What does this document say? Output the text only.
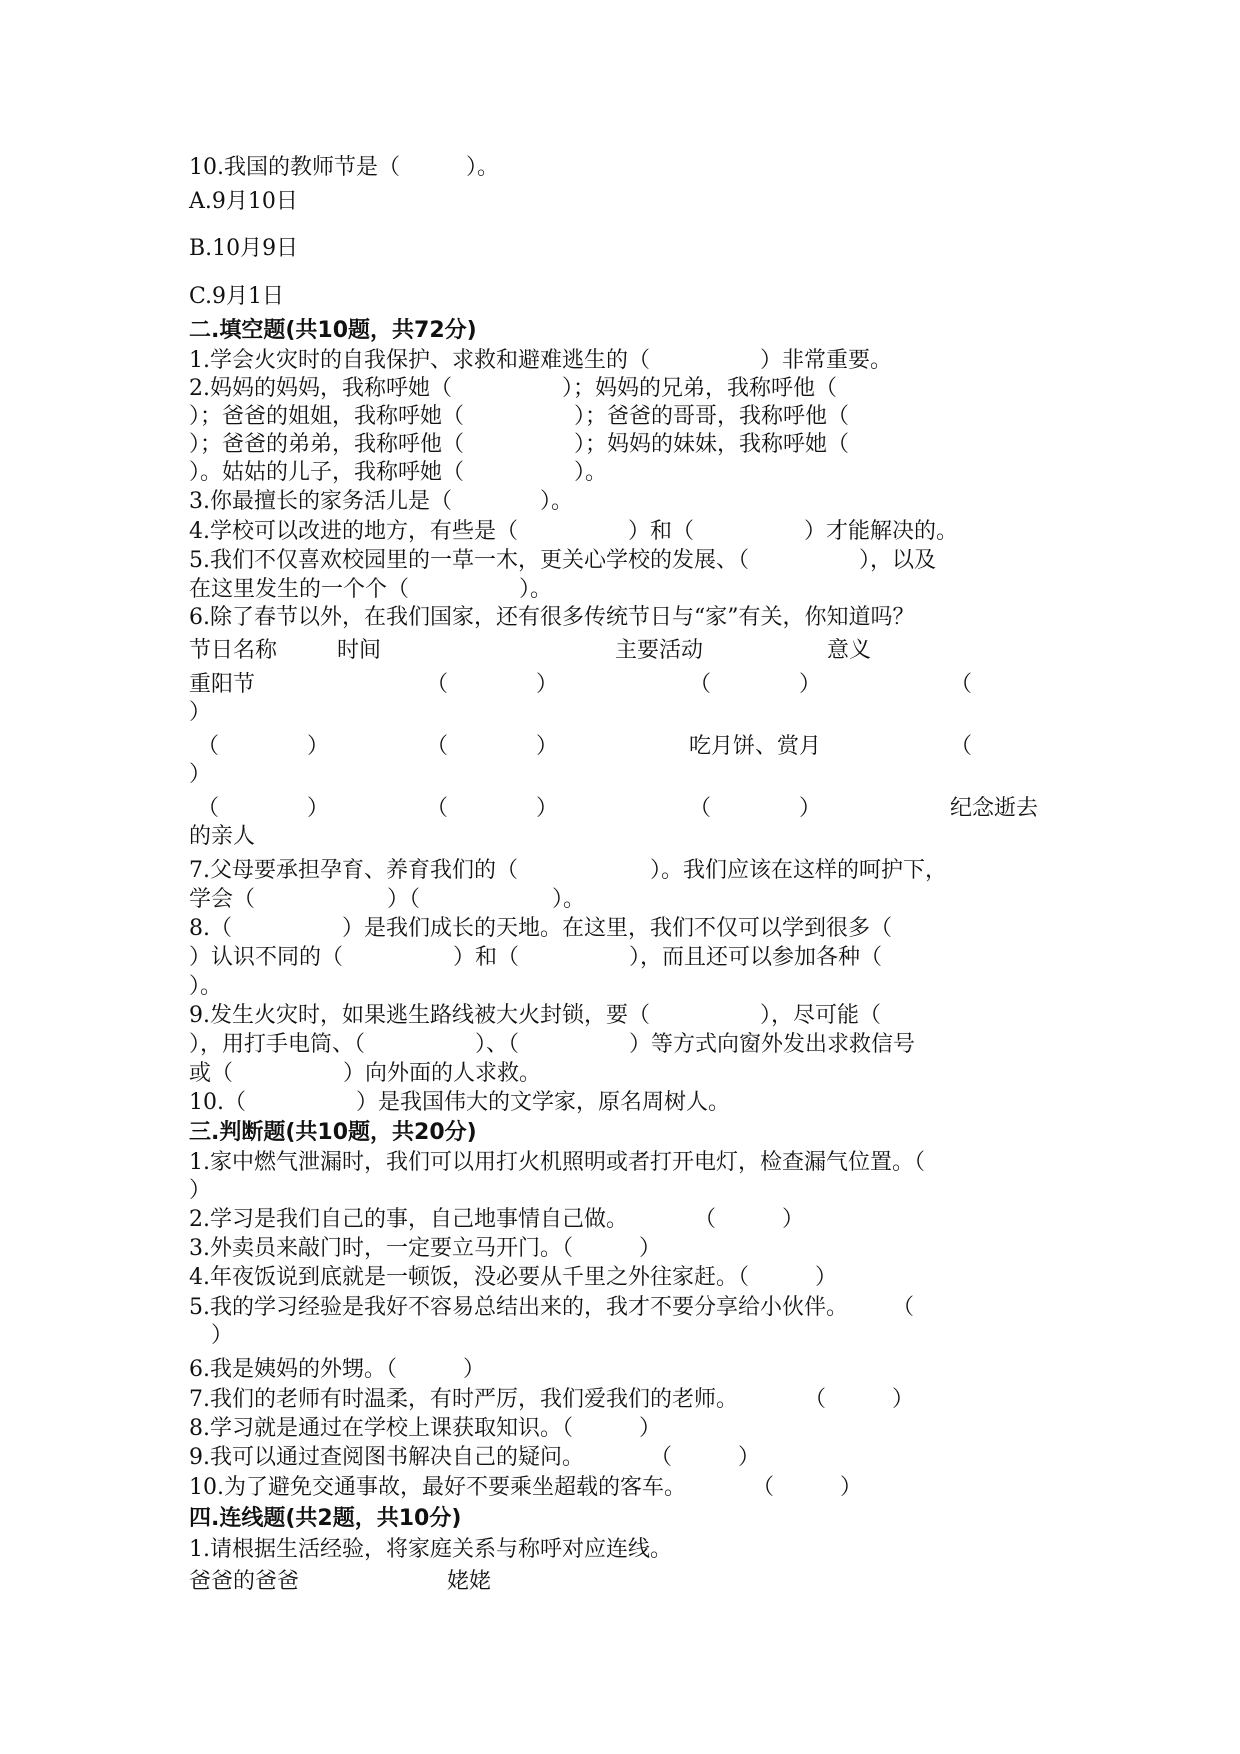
10.我国的教师节是（　　　）。
A.9月10日
B.10月9日
C.9月1日
二.填空题(共10题，共72分)
1.学会火灾时的自我保护、求救和避难逃生的（　　　　　）非常重要。
2.妈妈的妈妈，我称呼她（　　　　　）；妈妈的兄弟，我称呼他（
）；爸爸的姐姐，我称呼她（　　　　　）；爸爸的哥哥，我称呼他（
）；爸爸的弟弟，我称呼他（　　　　　）；妈妈的妹妹，我称呼她（
）。姑姑的儿子，我称呼她（　　　　　）。
3.你最擅长的家务活儿是（　　　　）。
4.学校可以改进的地方，有些是（　　　　　）和（　　　　　）才能解决的。
5.我们不仅喜欢校园里的一草一木，更关心学校的发展、（　　　　　），以及
在这里发生的一个个（　　　　　）。
6.除了春节以外，在我们国家，还有很多传统节日与“家”有关，你知道吗？
节日名称	时间	主要活动	意义
重阳节	（　　　　）	（　　　　）	（
）
（　　　　）	（　　　　）	吃月饼、赏月	（
）
（　　　　）	（　　　　）	（　　　　）	纪念逝去
的亲人
7.父母要承担孕育、养育我们的（　　　　　　）。我们应该在这样的呵护下，
学会（　　　　　　）（　　　　　　）。
8.（　　　　　）是我们成长的天地。在这里，我们不仅可以学到很多（
）认识不同的（　　　　　）和（　　　　　），而且还可以参加各种（
）。
9.发生火灾时，如果逃生路线被大火封锁，要（　　　　　），尽可能（
），用打手电筒、（　　　　　）、（　　　　　）等方式向窗外发出求救信号
或（　　　　　）向外面的人求救。
10.（　　　　　）是我国伟大的文学家，原名周树人。
三.判断题(共10题，共20分)
1.家中燃气泄漏时，我们可以用打火机照明或者打开电灯，检查漏气位置。（
）
2.学习是我们自己的事，自己地事情自己做。　　　　（　　　）
3.外卖员来敲门时，一定要立马开门。（　　　）
4.年夜饭说到底就是一顿饭，没必要从千里之外往家赶。（　　　）
5.我的学习经验是我好不容易总结出来的，我才不要分享给小伙伴。　　　（
　）
6.我是姨妈的外甥。（　　　）
7.我们的老师有时温柔，有时严厉，我们爱我们的老师。　　　　（　　　）
8.学习就是通过在学校上课获取知识。（　　　）
9.我可以通过查阅图书解决自己的疑问。　　　　（　　　）
10.为了避免交通事故，最好不要乘坐超载的客车。　　　　（　　　）
四.连线题(共2题，共10分)
1.请根据生活经验，将家庭关系与称呼对应连线。
爸爸的爸爸	姥姥
